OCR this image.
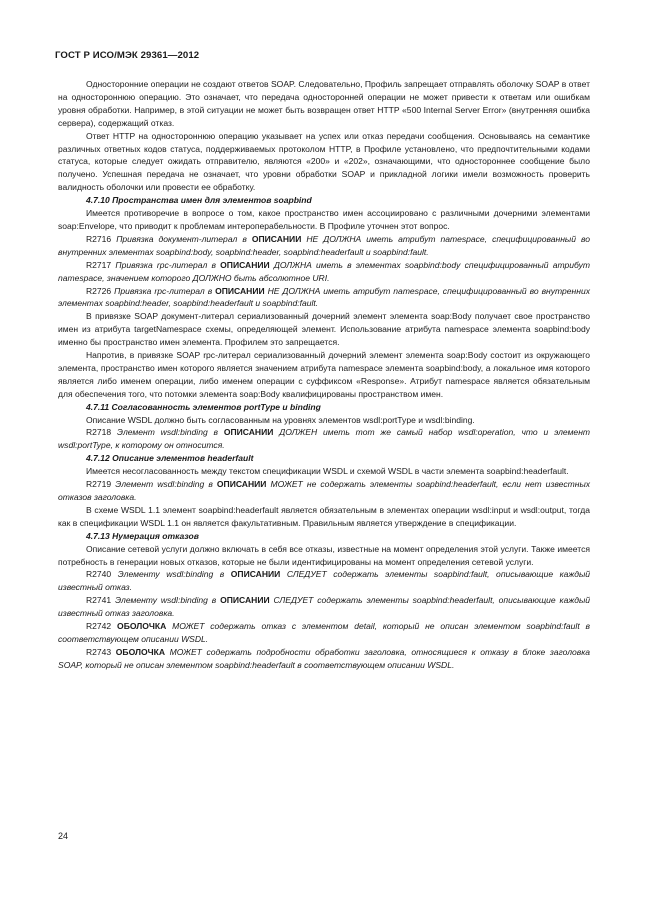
ГОСТ Р ИСО/МЭК 29361—2012

Односторонние операции не создают ответов SOAP. Следовательно, Профиль запрещает отправлять оболочку SOAP в ответ на одностороннюю операцию. Это означает, что передача односторонней операции не может привести к ответам или ошибкам уровня обработки. Например, в этой ситуации не может быть возвращен ответ HTTP «500 Internal Server Error» (внутренняя ошибка сервера), содержащий отказ.

Ответ HTTP на одностороннюю операцию указывает на успех или отказ передачи сообщения. Основываясь на семантике различных ответных кодов статуса, поддерживаемых протоколом HTTP, в Профиле установлено, что предпочтительными кодами статуса, которые следует ожидать отправителю, являются «200» и «202», означающими, что одностороннее сообщение было получено. Успешная передача не означает, что уровни обработки SOAP и прикладной логики имели возможность проверить валидность оболочки или провести ее обработку.

4.7.10 Пространства имен для элементов soapbind

Имеется противоречие в вопросе о том, какое пространство имен ассоциировано с различными дочерними элементами soap:Envelope, что приводит к проблемам интероперабельности. В Профиле уточнен этот вопрос.

R2716 Привязка документ-литерал в ОПИСАНИИ НЕ ДОЛЖНА иметь атрибут namespace, специфицированный во внутренних элементах soapbind:body, soapbind:header, soapbind:headerfault и soapbind:fault.

R2717 Привязка rpc-литерал в ОПИСАНИИ ДОЛЖНА иметь в элементах soapbind:body специфицированный атрибут namespace, значением которого ДОЛЖНО быть абсолютное URI.

R2726 Привязка rpc-литерал в ОПИСАНИИ НЕ ДОЛЖНА иметь атрибут namespace, специфицированный во внутренних элементах soapbind:header, soapbind:headerfault и soapbind:fault.

В привязке SOAP документ-литерал сериализованный дочерний элемент элемента soap:Body получает свое пространство имен из атрибута targetNamespace схемы, определяющей элемент. Использование атрибута namespace элемента soapbind:body именно бы пространство имен элемента. Профилем это запрещается.

Напротив, в привязке SOAP rpc-литерал сериализованный дочерний элемент элемента soap:Body состоит из окружающего элемента, пространство имен которого является значением атрибута namespace элемента soapbind:body, а локальное имя которого является либо именем операции, либо именем операции с суффиксом «Response». Атрибут namespace является обязательным для обеспечения того, что потомки элемента soap:Body квалифицированы пространством имен.

4.7.11 Согласованность элементов portType и binding

Описание WSDL должно быть согласованным на уровнях элементов wsdl:portType и wsdl:binding.

R2718 Элемент wsdl:binding в ОПИСАНИИ ДОЛЖЕН иметь тот же самый набор wsdl:operation, что и элемент wsdl:portType, к которому он относится.

4.7.12 Описание элементов headerfault

Имеется несогласованность между текстом спецификации WSDL и схемой WSDL в части элемента soapbind:headerfault.

R2719 Элемент wsdl:binding в ОПИСАНИИ МОЖЕТ не содержать элементы soapbind:headerfault, если нет известных отказов заголовка.

В схеме WSDL 1.1 элемент soapbind:headerfault является обязательным в элементах операции wsdl:input и wsdl:output, тогда как в спецификации WSDL 1.1 он является факультативным. Правильным является утверждение в спецификации.

4.7.13 Нумерация отказов

Описание сетевой услуги должно включать в себя все отказы, известные на момент определения этой услуги. Также имеется потребность в генерации новых отказов, которые не были идентифицированы на момент определения сетевой услуги.

R2740 Элементу wsdl:binding в ОПИСАНИИ СЛЕДУЕТ содержать элементы soapbind:fault, описывающие каждый известный отказ.

R2741 Элементу wsdl:binding в ОПИСАНИИ СЛЕДУЕТ содержать элементы soapbind:headerfault, описывающие каждый известный отказ заголовка.

R2742 ОБОЛОЧКА МОЖЕТ содержать отказ с элементом detail, который не описан элементом soapbind:fault в соответствующем описании WSDL.

R2743 ОБОЛОЧКА МОЖЕТ содержать подробности обработки заголовка, относящиеся к отказу в блоке заголовка SOAP, который не описан элементом soapbind:headerfault в соответствующем описании WSDL.

24
